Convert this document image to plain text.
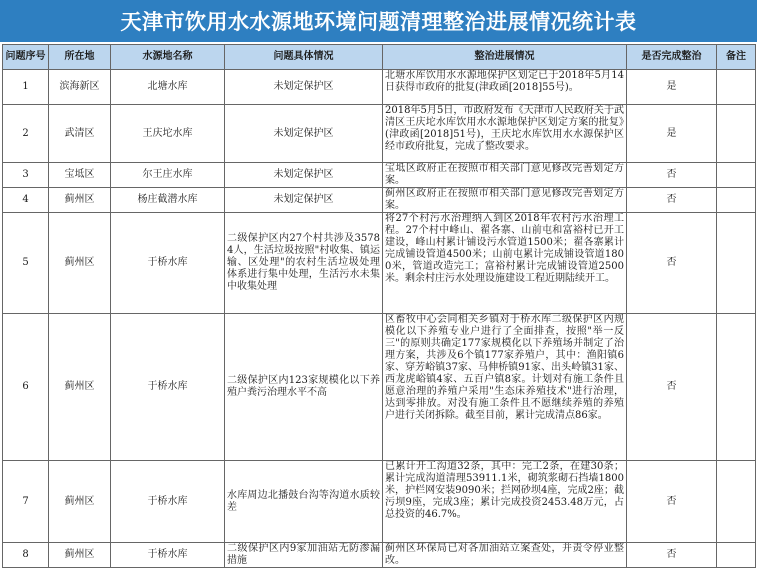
天津市饮用水水源地环境问题清理整治进展情况统计表
问题序号	所在地	水源地名称	问题具体情况	整治进展情况	是否完成整治	备注
1	滨海新区	北塘水库	未划定保护区	北塘水库饮用水水源地保护区划定已于2018年5月14日获得市政府的批复(津政函[2018]55号)。	是	
2	武清区	王庆坨水库	未划定保护区	2018年5月5日，市政府发布《天津市人民政府关于武清区王庆坨水库饮用水水源地保护区划定方案的批复》(津政函[2018]51号)，王庆坨水库饮用水水源保护区经市政府批复，完成了整改要求。	是	
3	宝坻区	尔王庄水库	未划定保护区	宝坻区政府正在按照市相关部门意见修改完善划定方案。	否	
4	蓟州区	杨庄截潜水库	未划定保护区	蓟州区政府正在按照市相关部门意见修改完善划定方案。	否	
5	蓟州区	于桥水库	二级保护区内27个村共涉及35784人，生活垃圾按照"村收集、镇运输、区处理"的农村生活垃圾处理体系进行集中处理，生活污水未集中收集处理	将27个村污水治理纳入到区2018年农村污水治理工程。27个村中峰山、翟各寨、山前屯和富裕村已开工建设，峰山村累计铺设污水管道1500米；翟各寨累计完成铺设管道4500米；山前屯累计完成铺设管道1800米，管道改造完工；富裕村累计完成铺设管道2500米。剩余村庄污水处理设施建设工程近期陆续开工。	否	
6	蓟州区	于桥水库	二级保护区内123家规模化以下养殖户粪污治理水平不高	区畜牧中心会同相关乡镇对于桥水库二级保护区内规模化以下养殖专业户进行了全面排查，按照"举一反三"的原则共确定177家规模化以下养殖场并制定了治理方案，共涉及6个镇177家养殖户，其中：渔阳镇6家、穿芳峪镇37家、马伸桥镇91家、出头岭镇31家、西龙虎峪镇4家、五百户镇8家。计划对有施工条件且愿意治理的养殖户采用"生态床养殖技术"进行治理，达到零排放。对没有施工条件且不愿继续养殖的养殖户进行关闭拆除。截至目前，累计完成清点86家。	否	
7	蓟州区	于桥水库	水库周边北播鼓台沟等沟道水质较差	已累计开工沟道32条，其中：完工2条，在建30条；累计完成沟道清理53911.1米，砌筑浆砌石挡墙1800米，护栏网安装9090米；拦网砂坝4座，完成2座；截污坝9座，完成3座；累计完成投资2453.48万元，占总投资的46.7%。	否	
8	蓟州区	于桥水库	二级保护区内9家加油站无防渗漏措施	蓟州区环保局已对各加油站立案查处，并责令停业整改。	否	
